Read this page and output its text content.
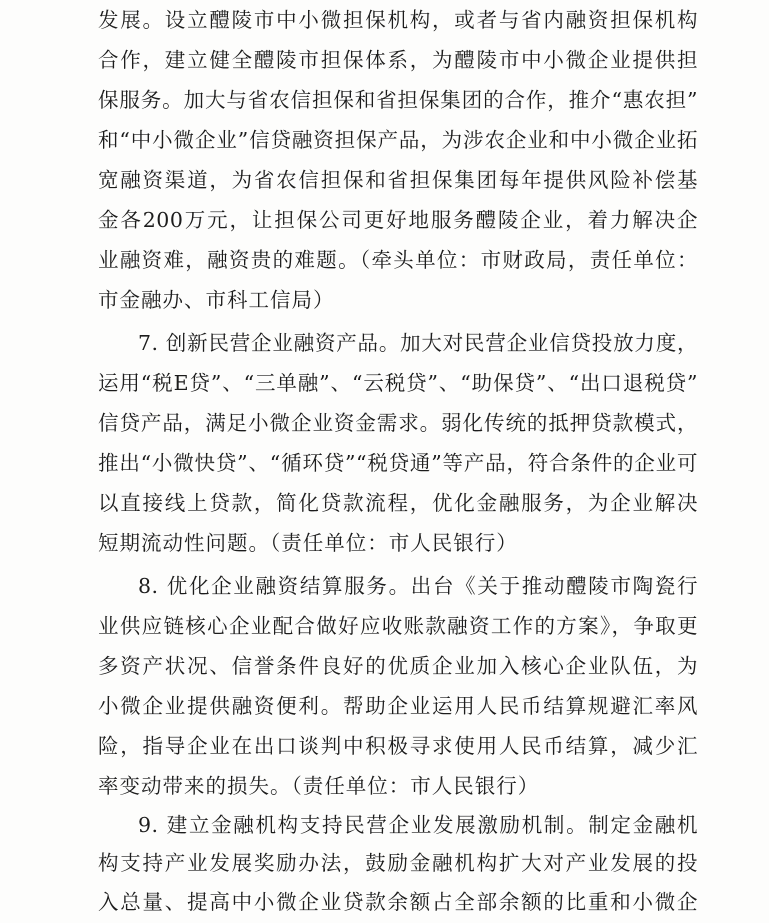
发展。设立醴陵市中小微担保机构，或者与省内融资担保机构
合作，建立健全醴陵市担保体系，为醴陵市中小微企业提供担
保服务。加大与省农信担保和省担保集团的合作，推介“惠农担”
和“中小微企业”信贷融资担保产品，为涉农企业和中小微企业拓
宽融资渠道，为省农信担保和省担保集团每年提供风险补偿基
金各200万元，让担保公司更好地服务醴陵企业，着力解决企
业融资难，融资贵的难题。（牵头单位：市财政局，责任单位：
市金融办、市科工信局）
7. 创新民营企业融资产品。加大对民营企业信贷投放力度，
运用“税E贷”、“三单融”、“云税贷”、“助保贷”、“出口退税贷”
信贷产品，满足小微企业资金需求。弱化传统的抵押贷款模式，
推出“小微快贷”、“循环贷”“税贷通”等产品，符合条件的企业可
以直接线上贷款，简化贷款流程，优化金融服务，为企业解决
短期流动性问题。（责任单位：市人民银行）
8. 优化企业融资结算服务。出台《关于推动醴陵市陶瓷行
业供应链核心企业配合做好应收账款融资工作的方案》，争取更
多资产状况、信誉条件良好的优质企业加入核心企业队伍，为
小微企业提供融资便利。帮助企业运用人民币结算规避汇率风
险，指导企业在出口谈判中积极寻求使用人民币结算，减少汇
率变动带来的损失。（责任单位：市人民银行）
9. 建立金融机构支持民营企业发展激励机制。制定金融机
构支持产业发展奖励办法，鼓励金融机构扩大对产业发展的投
入总量、提高中小微企业贷款余额占全部余额的比重和小微企
